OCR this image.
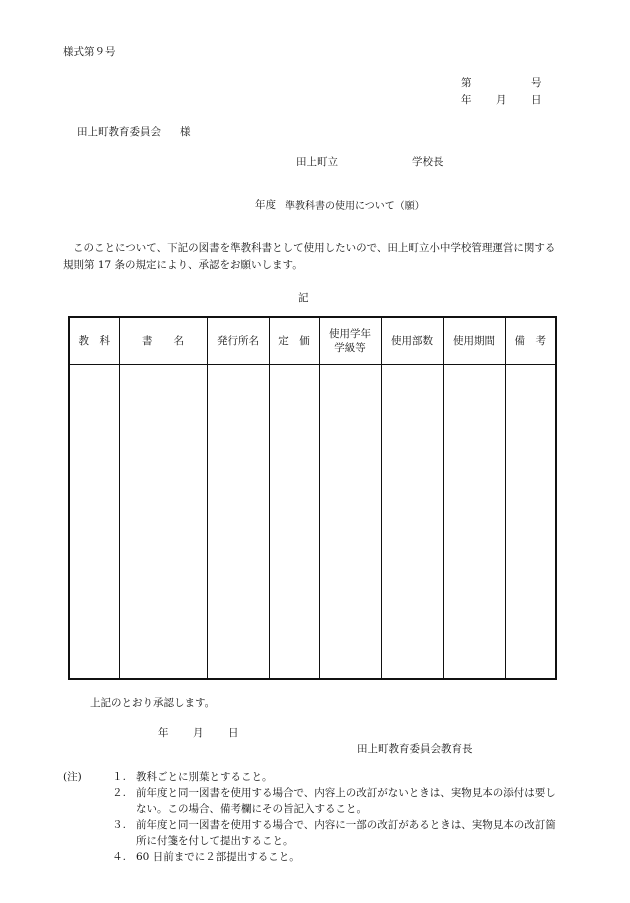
様式第９号
第	号
年 月 日
田上町教育委員会 様
田上町立	学校長
年度 準教科書の使用について（願）
このことについて、下記の図書を準教科書として使用したいので、田上町立小中学校管理運営に関する規則第 17 条の規定により、承認をお願いします。
記
教　科	書　　名	発行所名	定　価	使用学年学級等	使用部数	使用期間	備　考

上記のとおり承認します。
年 月 日
田上町教育委員会教育長
(注)	１. 教科ごとに別葉とすること。
２. 前年度と同一図書を使用する場合で、内容上の改訂がないときは、実物見本の添付は要しない。この場合、備考欄にその旨記入すること。
３. 前年度と同一図書を使用する場合で、内容に一部の改訂があるときは、実物見本の改訂箇所に付箋を付して提出すること。
４. 60 日前までに２部提出すること。
